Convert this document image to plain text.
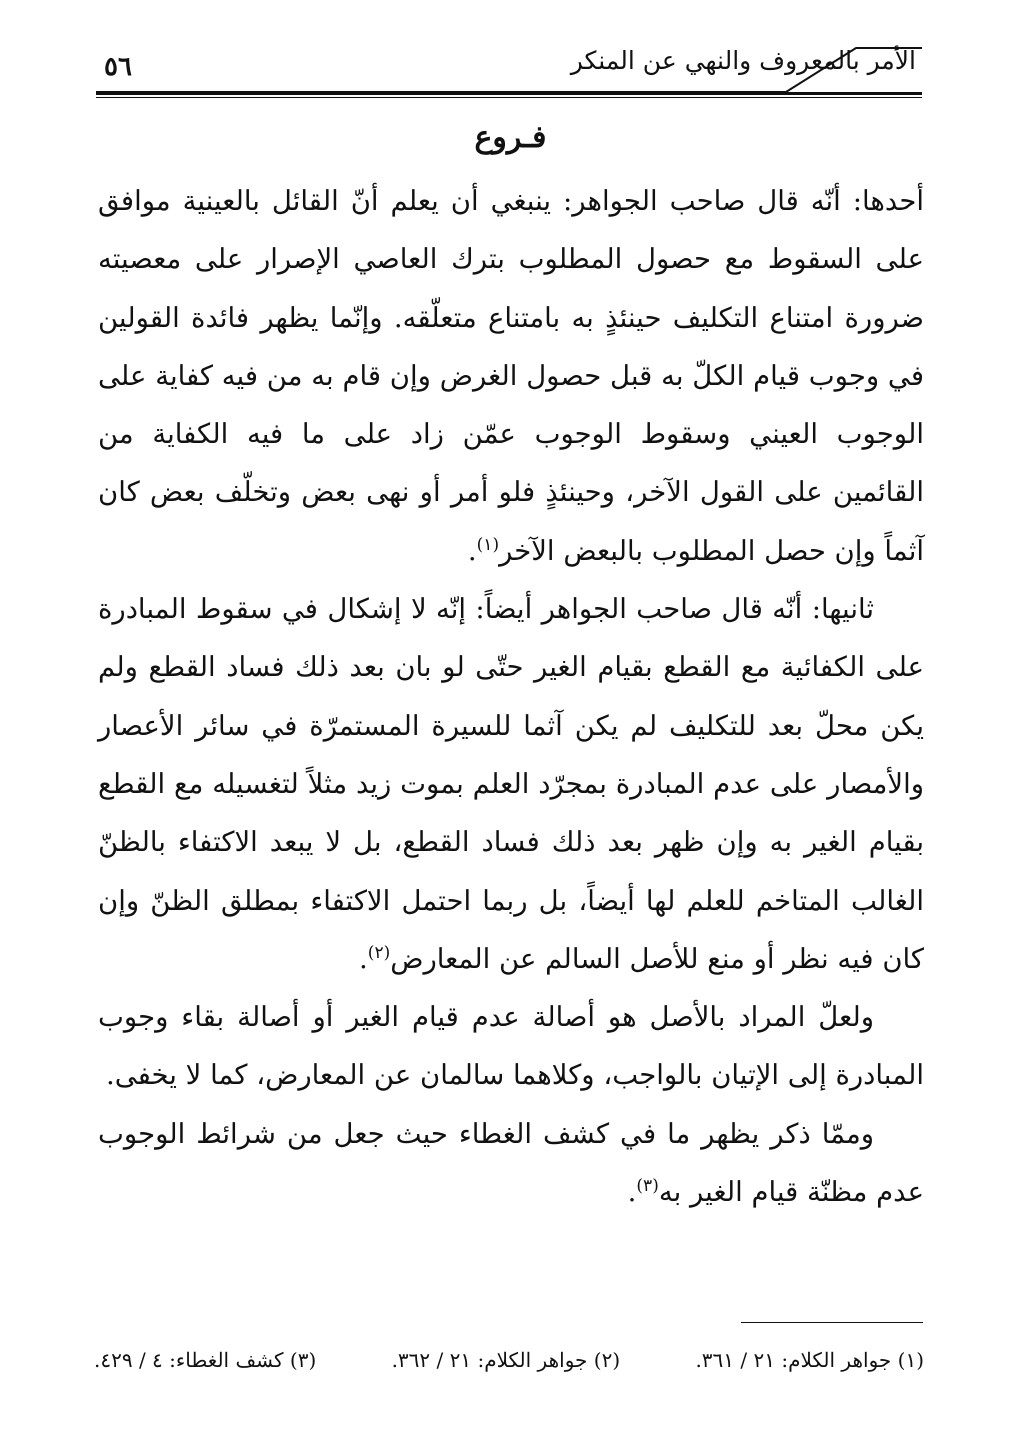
الأمر بالمعروف والنهي عن المنكر
٥٦
فـروع

أحدها: أنّه قال صاحب الجواهر: ينبغي أن يعلم أنّ القائل بالعينية موافق على السقوط مع حصول المطلوب بترك العاصي الإصرار على معصيته ضرورة امتناع التكليف حينئذٍ به بامتناع متعلّقه. وإنّما يظهر فائدة القولين في وجوب قيام الكلّ به قبل حصول الغرض وإن قام به من فيه كفاية على الوجوب العيني وسقوط الوجوب عمّن زاد على ما فيه الكفاية من القائمين على القول الآخر، وحينئذٍ فلو أمر أو نهى بعض وتخلّف بعض كان آثماً وإن حصل المطلوب بالبعض الآخر$^{(١)}$.

ثانيها: أنّه قال صاحب الجواهر أيضاً: إنّه لا إشكال في سقوط المبادرة على الكفائية مع القطع بقيام الغير حتّى لو بان بعد ذلك فساد القطع ولم يكن محلّ بعد للتكليف لم يكن آثما للسيرة المستمرّة في سائر الأعصار والأمصار على عدم المبادرة بمجرّد العلم بموت زيد مثلاً لتغسيله مع القطع بقيام الغير به وإن ظهر بعد ذلك فساد القطع، بل لا يبعد الاكتفاء بالظنّ الغالب المتاخم للعلم لها أيضاً، بل ربما احتمل الاكتفاء بمطلق الظنّ وإن كان فيه نظر أو منع للأصل السالم عن المعارض$^{(٢)}$.

ولعلّ المراد بالأصل هو أصالة عدم قيام الغير أو أصالة بقاء وجوب المبادرة إلى الإتيان بالواجب، وكلاهما سالمان عن المعارض، كما لا يخفى.

وممّا ذكر يظهر ما في كشف الغطاء حيث جعل من شرائط الوجوب عدم مظنّة قيام الغير به$^{(٣)}$.

(١) جواهر الكلام: ٢١ / ٣٦١.
(٢) جواهر الكلام: ٢١ / ٣٦٢.
(٣) كشف الغطاء: ٤ / ٤٢٩.
